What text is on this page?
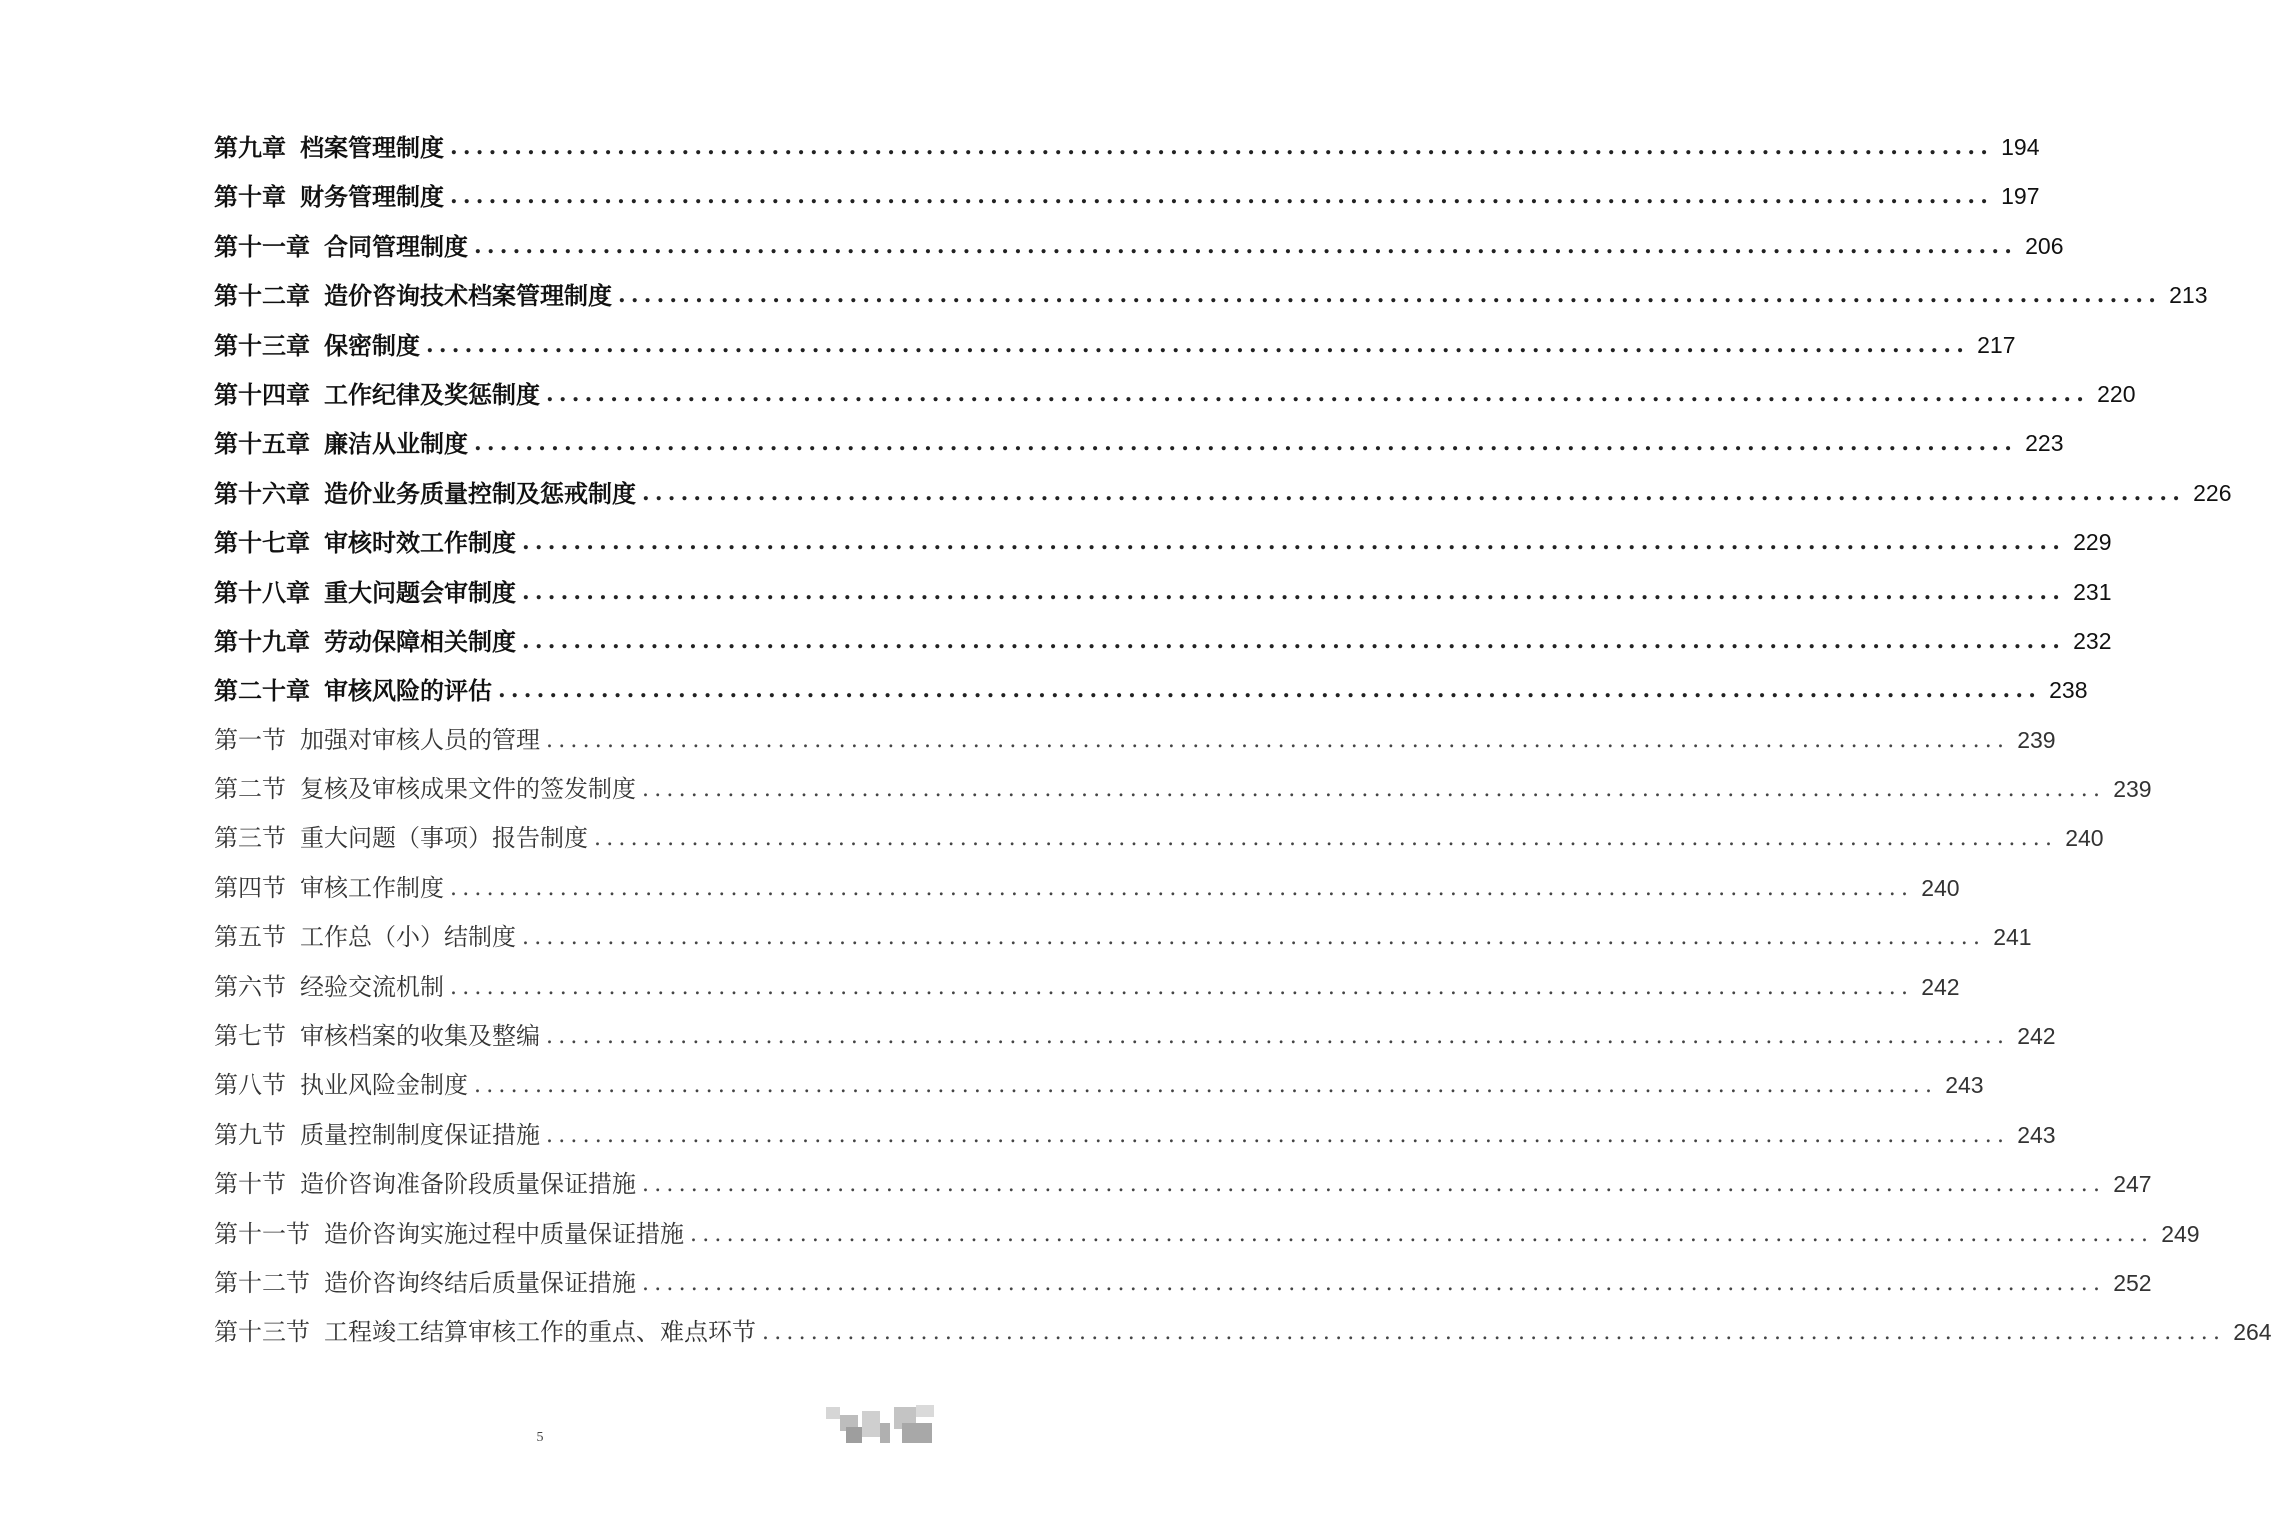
第九章 档案管理制度 ........................................................................................................................ 194
第十章 财务管理制度 ........................................................................................................................ 197
第十一章 合同管理制度 ........................................................................................................................ 206
第十二章 造价咨询技术档案管理制度 ........................................................................................................................ 213
第十三章 保密制度 ........................................................................................................................ 217
第十四章 工作纪律及奖惩制度 ........................................................................................................................ 220
第十五章 廉洁从业制度 ........................................................................................................................ 223
第十六章 造价业务质量控制及惩戒制度 ........................................................................................................................ 226
第十七章 审核时效工作制度 ........................................................................................................................ 229
第十八章 重大问题会审制度 ........................................................................................................................ 231
第十九章 劳动保障相关制度 ........................................................................................................................ 232
第二十章 审核风险的评估 ........................................................................................................................ 238
第一节 加强对审核人员的管理 ........................................................................................................................ 239
第二节 复核及审核成果文件的签发制度 ........................................................................................................................ 239
第三节 重大问题（事项）报告制度 ........................................................................................................................ 240
第四节 审核工作制度 ........................................................................................................................ 240
第五节 工作总（小）结制度 ........................................................................................................................ 241
第六节 经验交流机制 ........................................................................................................................ 242
第七节 审核档案的收集及整编 ........................................................................................................................ 242
第八节 执业风险金制度 ........................................................................................................................ 243
第九节 质量控制制度保证措施 ........................................................................................................................ 243
第十节 造价咨询准备阶段质量保证措施 ........................................................................................................................ 247
第十一节 造价咨询实施过程中质量保证措施 ........................................................................................................................ 249
第十二节 造价咨询终结后质量保证措施 ........................................................................................................................ 252
第十三节 工程竣工结算审核工作的重点、难点环节 ........................................................................................................................ 264
5
